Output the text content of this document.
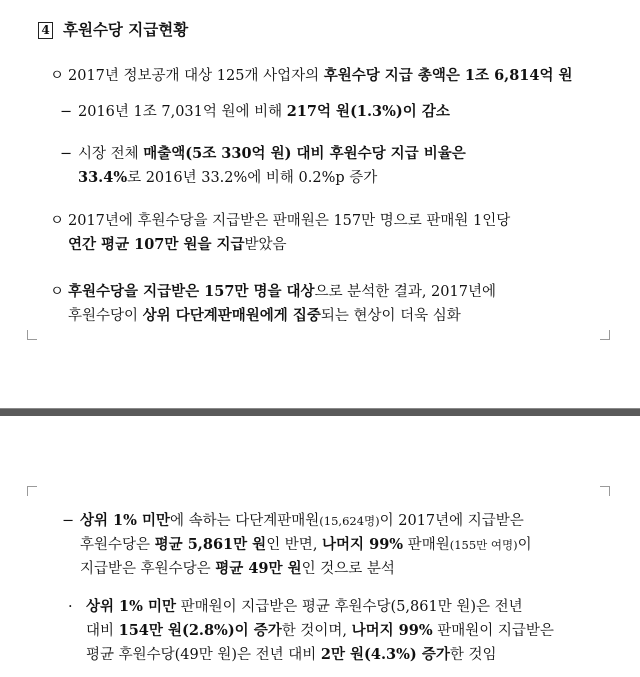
4 후원수당 지급현황
ㅇ 2017년 정보공개 대상 125개 사업자의 후원수당 지급 총액은 1조 6,814억 원
− 2016년 1조 7,031억 원에 비해 217억 원(1.3%)이 감소
− 시장 전체 매출액(5조 330억 원) 대비 후원수당 지급 비율은
33.4%로 2016년 33.2%에 비해 0.2%p 증가
ㅇ 2017년에 후원수당을 지급받은 판매원은 157만 명으로 판매원 1인당
연간 평균 107만 원을 지급받았음
ㅇ 후원수당을 지급받은 157만 명을 대상으로 분석한 결과, 2017년에
후원수당이 상위 다단계판매원에게 집중되는 현상이 더욱 심화
− 상위 1% 미만에 속하는 다단계판매원(15,624명)이 2017년에 지급받은
후원수당은 평균 5,861만 원인 반면, 나머지 99% 판매원(155만 여명)이
지급받은 후원수당은 평균 49만 원인 것으로 분석
· 상위 1% 미만 판매원이 지급받은 평균 후원수당(5,861만 원)은 전년
대비 154만 원(2.8%)이 증가한 것이며, 나머지 99% 판매원이 지급받은
평균 후원수당(49만 원)은 전년 대비 2만 원(4.3%) 증가한 것임
